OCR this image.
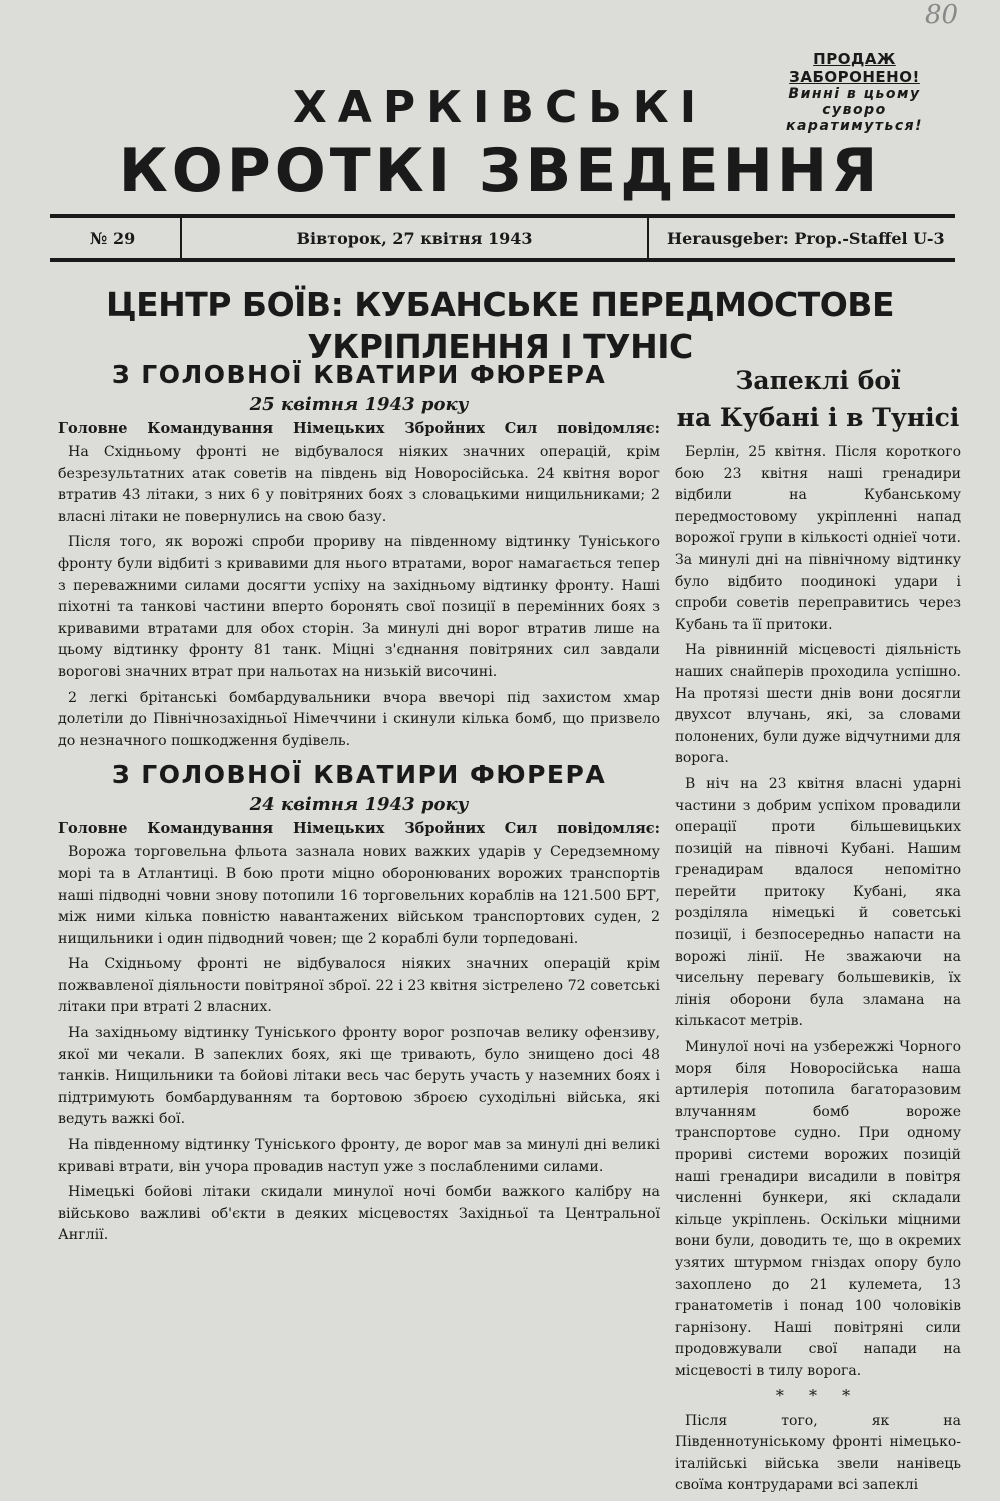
80
ПРОДАЖ ЗАБОРОНЕНО!
Винні в цьому
суворо каратимуться!
ХАРКІВСЬКІ
КОРОТКІ ЗВЕДЕННЯ
№ 29	Вівторок, 27 квітня 1943	Herausgeber: Prop.-Staffel U-3
ЦЕНТР БОЇВ: КУБАНСЬКЕ ПЕРЕДМОСТОВЕ УКРІПЛЕННЯ І ТУНІС
З ГОЛОВНОЇ КВАТИРИ ФЮРЕРА
25 квітня 1943 року
Головне Командування Німецьких Збройних Сил повідомляє:

На Східньому фронті не відбувалося ніяких значних операцій, крім безрезультатних атак советів на південь від Новоросійська. 24 квітня ворог втратив 43 літаки, з них 6 у повітряних боях з словацькими нищильниками; 2 власні літаки не повернулись на свою базу.

Після того, як ворожі спроби прориву на південному відтинку Туніського фронту були відбиті з кривавими для нього втратами, ворог намагається тепер з переважними силами досягти успіху на західньому відтинку фронту. Наші піхотні та танкові частини вперто боронять свої позиції в перемінних боях з кривавими втратами для обох сторін. За минулі дні ворог втратив лише на цьому відтинку фронту 81 танк. Міцні з'єднання повітряних сил завдали ворогові значних втрат при нальотах на низькій височині.

2 легкі брітанські бомбардувальники вчора ввечорі під захистом хмар долетіли до Північнозахідньої Німеччини і скинули кілька бомб, що призвело до незначного пошкодження будівель.

З ГОЛОВНОЇ КВАТИРИ ФЮРЕРА
24 квітня 1943 року
Головне Командування Німецьких Збройних Сил повідомляє:

Ворожа торговельна фльота зазнала нових важких ударів у Середземному морі та в Атлантиці. В бою проти міцно оборонюваних ворожих транспортів наші підводні човни знову потопили 16 торговельних кораблів на 121.500 БРТ, між ними кілька повністю навантажених військом транспортових суден, 2 нищильники і один підводний човен; ще 2 кораблі були торпедовані.

На Східньому фронті не відбувалося ніяких значних операцій крім пожвавленої діяльности повітряної зброї. 22 і 23 квітня зістрелено 72 советські літаки при втраті 2 власних.

На західньому відтинку Туніського фронту ворог розпочав велику офензиву, якої ми чекали. В запеклих боях, які ще тривають, було знищено досі 48 танків. Нищильники та бойові літаки весь час беруть участь у наземних боях і підтримують бомбардуванням та бортовою зброєю суходільні війська, які ведуть важкі бої.

На південному відтинку Туніського фронту, де ворог мав за минулі дні великі криваві втрати, він учора провадив наступ уже з послабленими силами.

Німецькі бойові літаки скидали минулої ночі бомби важкого калібру на військово важливі об'єкти в деяких місцевостях Західньої та Центральної Англії.

Запеклі бої
на Кубані і в Тунісі

Берлін, 25 квітня. Після короткого бою 23 квітня наші гренадири відбили на Кубанському передмостовому укріпленні напад ворожої групи в кількості одніеї чоти. За минулі дні на північному відтинку було відбито поодинокі удари і спроби советів переправитись через Кубань та її притоки.

На рівнинній місцевості діяльність наших снайперів проходила успішно. На протязі шести днів вони досягли двухсот влучань, які, за словами полонених, були дуже відчутними для ворога.

В ніч на 23 квітня власні ударні частини з добрим успіхом провадили операції проти більшевицьких позицій на півночі Кубані. Нашим гренадирам вдалося непомітно перейти притоку Кубані, яка розділяла німецькі й советські позиції, і безпосередньо напасти на ворожі лінії. Не зважаючи на чисельну перевагу большевиків, їх лінія оборони була зламана на кількасот метрів.

Минулої ночі на узбережжі Чорного моря біля Новоросійська наша артилерія потопила багаторазовим влучанням бомб вороже транспортове судно. При одному прориві системи ворожих позицій наші гренадири висадили в повітря численні бункери, які складали кільце укріплень. Оскільки міцними вони були, доводить те, що в окремих узятих штурмом гніздах опору було захоплено до 21 кулемета, 13 гранатометів і понад 100 чоловіків гарнізону. Наші повітряні сили продовжували свої напади на місцевості в тилу ворога.

* * *

Після того, як на Південнотуніському фронті німецько-італійські війська звели нанівець своїма контрударами всі запеклі
